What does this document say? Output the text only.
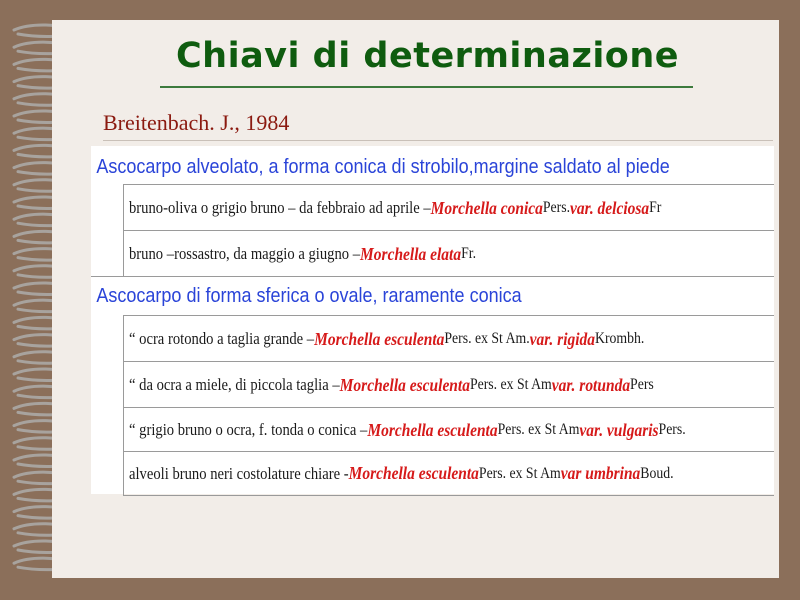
Chiavi di determinazione
Breitenbach. J., 1984
Ascocarpo alveolato, a forma conica di strobilo,margine saldato al piede
bruno-oliva o grigio bruno – da febbraio ad aprile – Morchella conica Pers. var. delciosa Fr
bruno –rossastro, da maggio a giugno – Morchella elata Fr.
Ascocarpo di forma sferica o ovale, raramente conica
“ ocra rotondo a taglia grande – Morchella esculenta Pers. ex St Am. var. rigida Krombh.
“ da ocra a miele, di piccola taglia – Morchella esculenta Pers. ex St Am var. rotunda Pers
“ grigio bruno o ocra, f. tonda o conica – Morchella esculenta Pers. ex St Am var. vulgaris Pers.
alveoli bruno neri costolature chiare - Morchella esculenta Pers. ex St Am var umbrina Boud.
